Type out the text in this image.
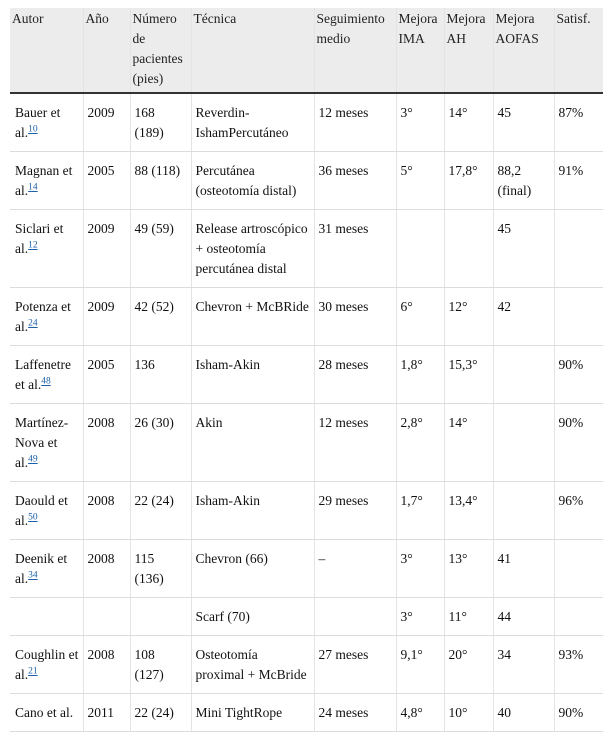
Autor	Año	Número de pacientes (pies)	Técnica	Seguimiento medio	Mejora IMA	Mejora AH	Mejora AOFAS	Satisf.
Bauer et al.$^{10}$	2009	168 (189)	Reverdin-IshamPercutáneo	12 meses	3°	14°	45	87%
Magnan et al.$^{14}$	2005	88 (118)	Percutánea (osteotomía distal)	36 meses	5°	17,8°	88,2 (final)	91%
Siclari et al.$^{12}$	2009	49 (59)	Release artroscópico + osteotomía percutánea distal	31 meses			45	
Potenza et al.$^{24}$	2009	42 (52)	Chevron + McBRide	30 meses	6°	12°	42	
Laffenetre et al.$^{48}$	2005	136	Isham-Akin	28 meses	1,8°	15,3°		90%
Martínez-Nova et al.$^{49}$	2008	26 (30)	Akin	12 meses	2,8°	14°		90%
Daould et al.$^{50}$	2008	22 (24)	Isham-Akin	29 meses	1,7°	13,4°		96%
Deenik et al.$^{34}$	2008	115 (136)	Chevron (66)	–	3°	13°	41	
			Scarf (70)		3°	11°	44	
Coughlin et al.$^{21}$	2008	108 (127)	Osteotomía proximal + McBride	27 meses	9,1°	20°	34	93%
Cano et al.	2011	22 (24)	Mini TightRope	24 meses	4,8°	10°	40	90%
